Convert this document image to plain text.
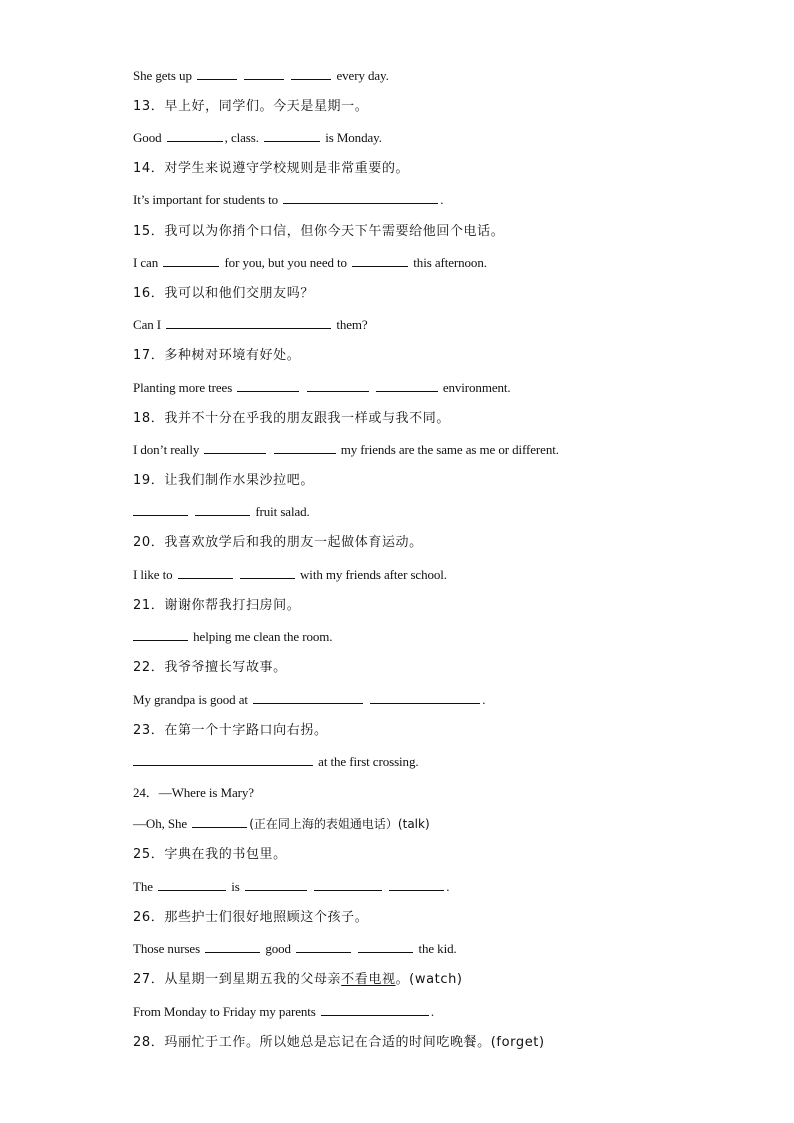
She gets up	every day.
13．早上好，同学们。今天是星期一。
Good	, class.	is Monday.
14．对学生来说遵守学校规则是非常重要的。
It’s important for students to	.
15．我可以为你捎个口信，但你今天下午需要给他回个电话。
I can	for you, but you need to	this afternoon.
16．我可以和他们交朋友吗？
Can I	them?
17．多种树对环境有好处。
Planting more trees	environment.
18．我并不十分在乎我的朋友跟我一样或与我不同。
I don’t really	my friends are the same as me or different.
19．让我们制作水果沙拉吧。
fruit salad.
20．我喜欢放学后和我的朋友一起做体育运动。
I like to	with my friends after school.
21．谢谢你帮我打扫房间。
helping me clean the room.
22．我爷爷擅长写故事。
My grandpa is good at	.
23．在第一个十字路口向右拐。
at the first crossing.
24．—Where is Mary?
—Oh, She	(正在同上海的表姐通电话）(talk)
25．字典在我的书包里。
The	is	.
26．那些护士们很好地照顾这个孩子。
Those nurses	good	the kid.
27．从星期一到星期五我的父母亲不看电视。(watch)
From Monday to Friday my parents	.
28．玛丽忙于工作。所以她总是忘记在合适的时间吃晚餐。(forget)
